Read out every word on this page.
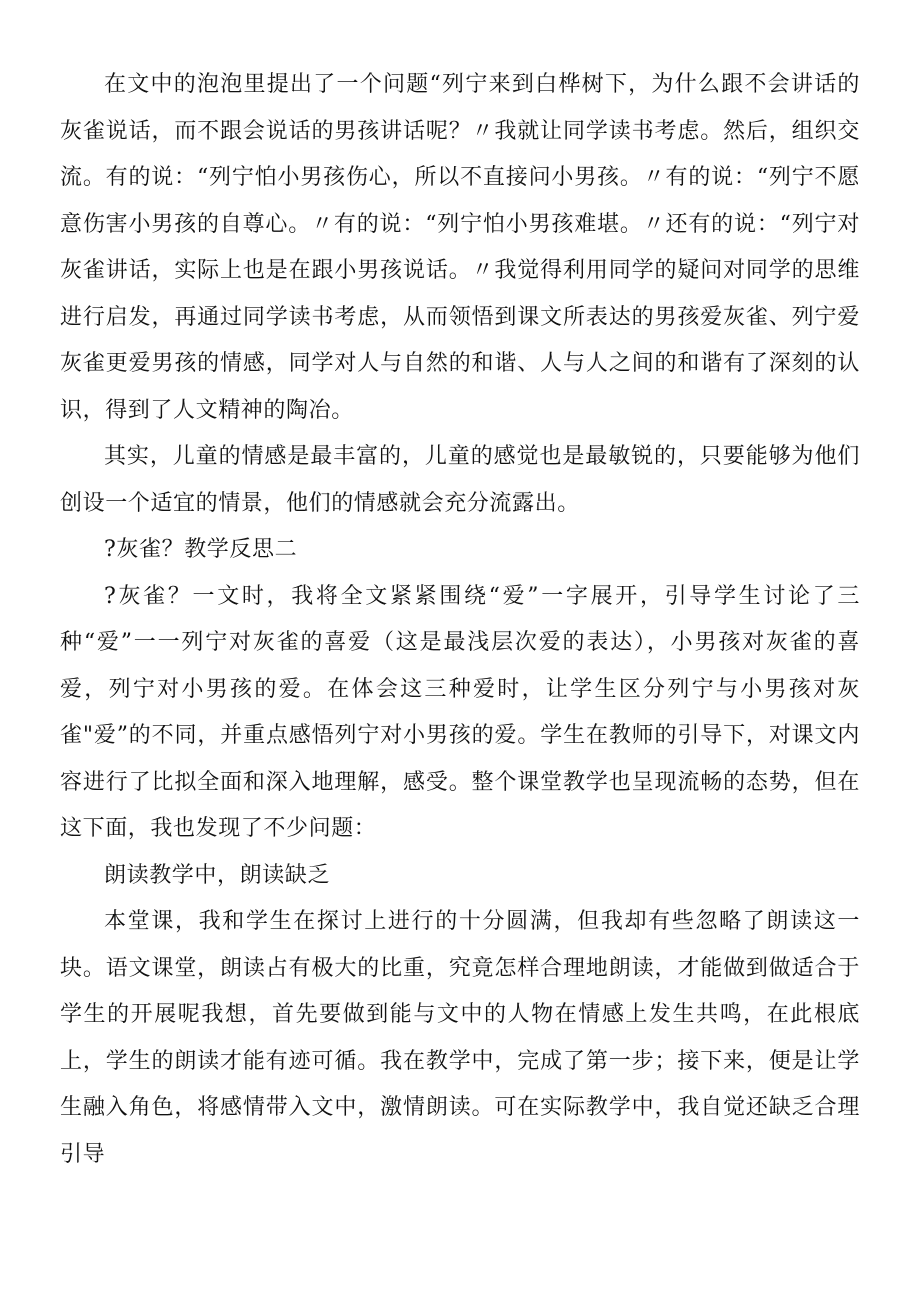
在文中的泡泡里提出了一个问题“列宁来到白桦树下，为什么跟不会讲话的灰雀说话，而不跟会说话的男孩讲话呢？〃我就让同学读书考虑。然后，组织交流。有的说：“列宁怕小男孩伤心，所以不直接问小男孩。〃有的说：“列宁不愿意伤害小男孩的自尊心。〃有的说：“列宁怕小男孩难堪。〃还有的说：“列宁对灰雀讲话，实际上也是在跟小男孩说话。〃我觉得利用同学的疑问对同学的思维进行启发，再通过同学读书考虑，从而领悟到课文所表达的男孩爱灰雀、列宁爱灰雀更爱男孩的情感，同学对人与自然的和谐、人与人之间的和谐有了深刻的认识，得到了人文精神的陶冶。

其实，儿童的情感是最丰富的，儿童的感觉也是最敏锐的，只要能够为他们创设一个适宜的情景，他们的情感就会充分流露出。

?灰雀？教学反思二

?灰雀？一文时，我将全文紧紧围绕“爱”一字展开，引导学生讨论了三种“爱”一一列宁对灰雀的喜爱（这是最浅层次爱的表达），小男孩对灰雀的喜爱，列宁对小男孩的爱。在体会这三种爱时，让学生区分列宁与小男孩对灰雀"爱”的不同，并重点感悟列宁对小男孩的爱。学生在教师的引导下，对课文内容进行了比拟全面和深入地理解，感受。整个课堂教学也呈现流畅的态势，但在这下面，我也发现了不少问题：

朗读教学中，朗读缺乏

本堂课，我和学生在探讨上进行的十分圆满，但我却有些忽略了朗读这一块。语文课堂，朗读占有极大的比重，究竟怎样合理地朗读，才能做到做适合于学生的开展呢我想，首先要做到能与文中的人物在情感上发生共鸣，在此根底上，学生的朗读才能有迹可循。我在教学中，完成了第一步；接下来，便是让学生融入角色，将感情带入文中，激情朗读。可在实际教学中，我自觉还缺乏合理引导
